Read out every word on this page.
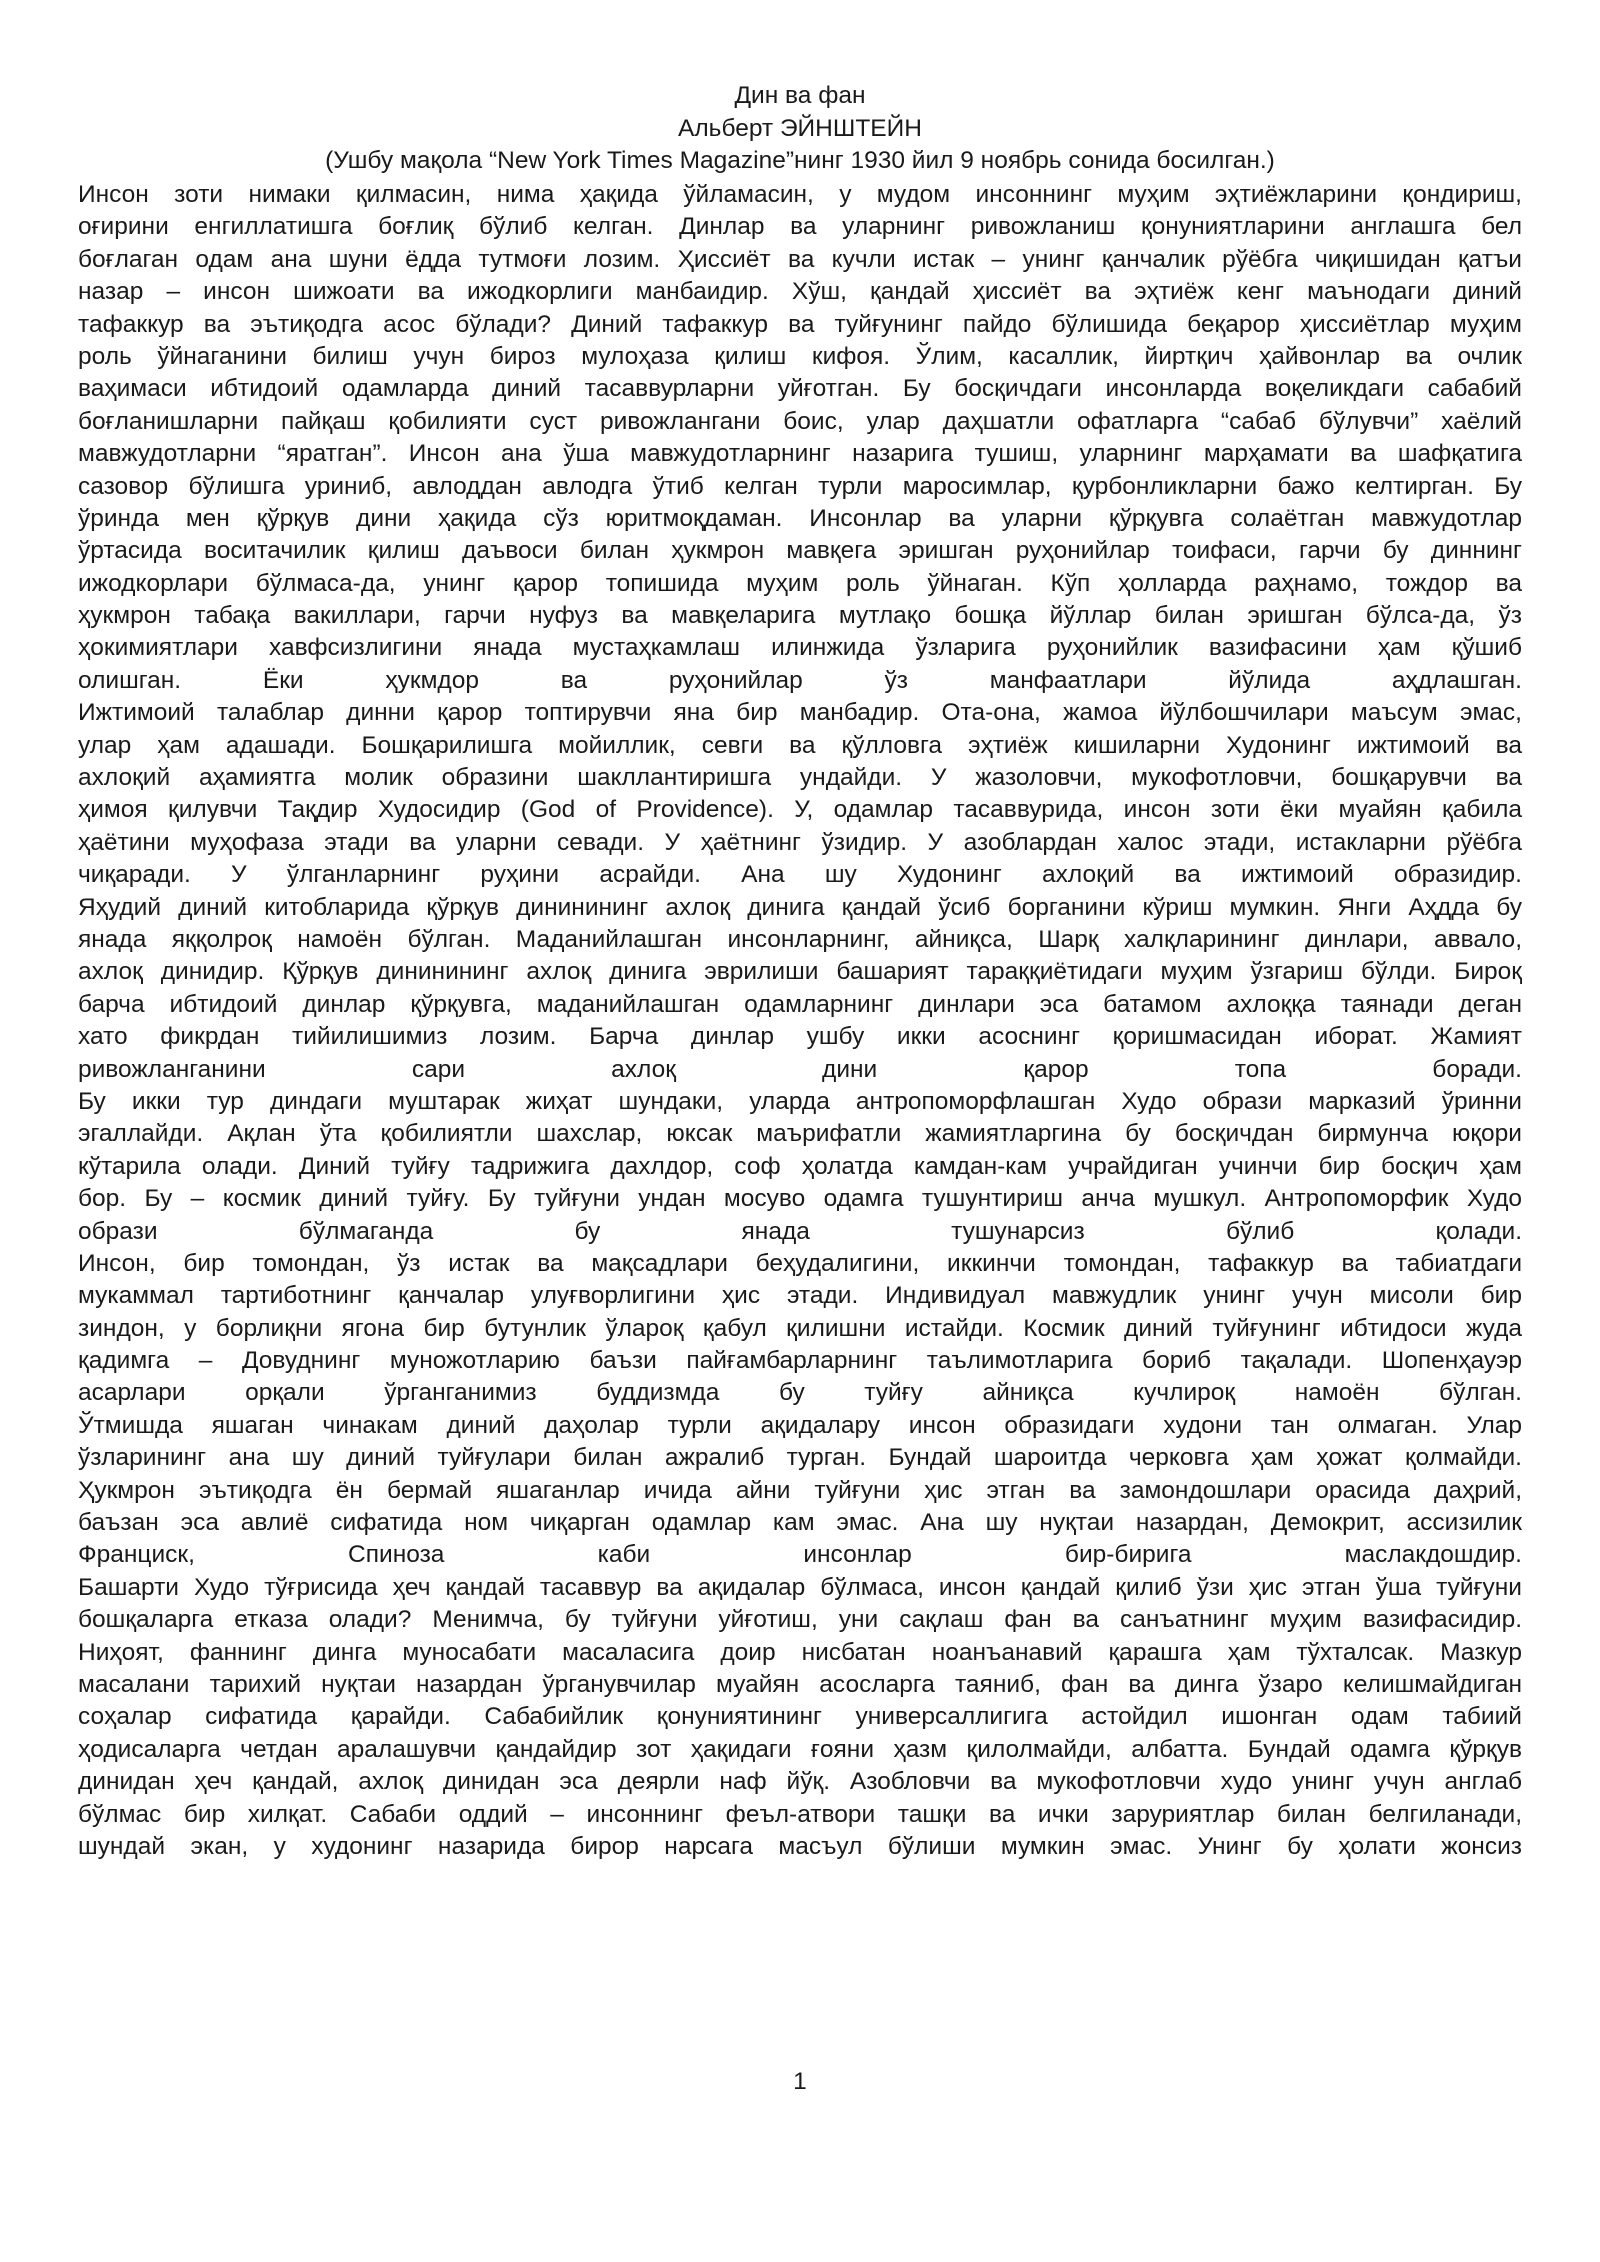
Дин ва фан
Альберт ЭЙНШТЕЙН
(Ушбу мақола “New York Times Magazine”нинг 1930 йил 9 ноябрь сонида босилган.)
Инсон зоти нимаки қилмасин, нима ҳақида ўйламасин, у мудом инсоннинг муҳим эҳтиёжларини қондириш,
оғирини енгиллатишга боғлиқ бўлиб келган. Динлар ва уларнинг ривожланиш қонуниятларини англашга бел
боғлаган одам ана шуни ёдда тутмоғи лозим. Ҳиссиёт ва кучли истак – унинг қанчалик рўёбга чиқишидан қатъи
назар – инсон шижоати ва ижодкорлиги манбаидир. Хўш, қандай ҳиссиёт ва эҳтиёж кенг маънодаги диний
тафаккур ва эътиқодга асос бўлади? Диний тафаккур ва туйғунинг пайдо бўлишида беқарор ҳиссиётлар муҳим
роль ўйнаганини билиш учун бироз мулоҳаза қилиш кифоя. Ўлим, касаллик, йиртқич ҳайвонлар ва очлик
ваҳимаси ибтидоий одамларда диний тасаввурларни уйғотган. Бу босқичдаги инсонларда воқеликдаги сабабий
боғланишларни пайқаш қобилияти суст ривожлангани боис, улар даҳшатли офатларга “сабаб бўлувчи” хаёлий
мавжудотларни “яратган”. Инсон ана ўша мавжудотларнинг назарига тушиш, уларнинг марҳамати ва шафқатига
сазовор бўлишга уриниб, авлоддан авлодга ўтиб келган турли маросимлар, қурбонликларни бажо келтирган. Бу
ўринда мен қўрқув дини ҳақида сўз юритмоқдаман. Инсонлар ва уларни қўрқувга солаётган мавжудотлар
ўртасида воситачилик қилиш даъвоси билан ҳукмрон мавқега эришган руҳонийлар тоифаси, гарчи бу диннинг
ижодкорлари бўлмаса-да, унинг қарор топишида муҳим роль ўйнаган. Кўп ҳолларда раҳнамо, тождор ва
ҳукмрон табақа вакиллари, гарчи нуфуз ва мавқеларига мутлақо бошқа йўллар билан эришган бўлса-да, ўз
ҳокимиятлари хавфсизлигини янада мустаҳкамлаш илинжида ўзларига руҳонийлик вазифасини ҳам қўшиб
олишган. Ёки ҳукмдор ва руҳонийлар ўз манфаатлари йўлида аҳдлашган.
Ижтимоий талаблар динни қарор топтирувчи яна бир манбадир. Ота-она, жамоа йўлбошчилари маъсум эмас,
улар ҳам адашади. Бошқарилишга мойиллик, севги ва қўлловга эҳтиёж кишиларни Худонинг ижтимоий ва
ахлоқий аҳамиятга молик образини шакллантиришга ундайди. У жазоловчи, мукофотловчи, бошқарувчи ва
ҳимоя қилувчи Тақдир Худосидир (God of Providence). У, одамлар тасаввурида, инсон зоти ёки муайян қабила
ҳаётини муҳофаза этади ва уларни севади. У ҳаётнинг ўзидир. У азоблардан халос этади, истакларни рўёбга
чиқаради. У ўлганларнинг руҳини асрайди. Ана шу Худонинг ахлоқий ва ижтимоий образидир.
Яҳудий диний китобларида қўрқув дининининг ахлоқ динига қандай ўсиб борганини кўриш мумкин. Янги Аҳдда бу
янада яққолроқ намоён бўлган. Маданийлашган инсонларнинг, айниқса, Шарқ халқларининг динлари, аввало,
ахлоқ динидир. Қўрқув дининининг ахлоқ динига эврилиши башарият тараққиётидаги муҳим ўзгариш бўлди. Бироқ
барча ибтидоий динлар қўрқувга, маданийлашган одамларнинг динлари эса батамом ахлоққа таянади деган
хато фикрдан тийилишимиз лозим. Барча динлар ушбу икки асоснинг қоришмасидан иборат. Жамият
ривожланганини сари ахлоқ дини қарор топа боради.
Бу икки тур диндаги муштарак жиҳат шундаки, уларда антропоморфлашган Худо образи марказий ўринни
эгаллайди. Ақлан ўта қобилиятли шахслар, юксак маърифатли жамиятларгина бу босқичдан бирмунча юқори
кўтарила олади. Диний туйғу тадрижига дахлдор, соф ҳолатда камдан-кам учрайдиган учинчи бир босқич ҳам
бор. Бу – космик диний туйғу. Бу туйғуни ундан мосуво одамга тушунтириш анча мушкул. Антропоморфик Худо
образи бўлмаганда бу янада тушунарсиз бўлиб қолади.
Инсон, бир томондан, ўз истак ва мақсадлари беҳудалигини, иккинчи томондан, тафаккур ва табиатдаги
мукаммал тартиботнинг қанчалар улуғворлигини ҳис этади. Индивидуал мавжудлик унинг учун мисоли бир
зиндон, у борлиқни ягона бир бутунлик ўлароқ қабул қилишни истайди. Космик диний туйғунинг ибтидоси жуда
қадимга – Довуднинг муножотларию баъзи пайғамбарларнинг таълимотларига бориб тақалади. Шопенҳауэр
асарлари орқали ўрганганимиз буддизмда бу туйғу айниқса кучлироқ намоён бўлган.
Ўтмишда яшаган чинакам диний даҳолар турли ақидалару инсон образидаги худони тан олмаган. Улар
ўзларининг ана шу диний туйғулари билан ажралиб турган. Бундай шароитда черковга ҳам ҳожат қолмайди.
Ҳукмрон эътиқодга ён бермай яшаганлар ичида айни туйғуни ҳис этган ва замондошлари орасида даҳрий,
баъзан эса авлиё сифатида ном чиқарган одамлар кам эмас. Ана шу нуқтаи назардан, Демокрит, ассизилик
Франциск, Спиноза каби инсонлар бир-бирига маслакдошдир.
Башарти Худо тўғрисида ҳеч қандай тасаввур ва ақидалар бўлмаса, инсон қандай қилиб ўзи ҳис этган ўша туйғуни
бошқаларга етказа олади? Менимча, бу туйғуни уйғотиш, уни сақлаш фан ва санъатнинг муҳим вазифасидир.
Ниҳоят, фаннинг динга муносабати масаласига доир нисбатан ноанъанавий қарашга ҳам тўхталсак. Мазкур
масалани тарихий нуқтаи назардан ўрганувчилар муайян асосларга таяниб, фан ва динга ўзаро келишмайдиган
соҳалар сифатида қарайди. Сабабийлик қонуниятининг универсаллигига астойдил ишонган одам табиий
ҳодисаларга четдан аралашувчи қандайдир зот ҳақидаги ғояни ҳазм қилолмайди, албатта. Бундай одамга қўрқув
динидан ҳеч қандай, ахлоқ динидан эса деярли наф йўқ. Азобловчи ва мукофотловчи худо унинг учун англаб
бўлмас бир хилқат. Сабаби оддий – инсоннинг феъл-атвори ташқи ва ички заруриятлар билан белгиланади,
шундай экан, у худонинг назарида бирор нарсага масъул бўлиши мумкин эмас. Унинг бу ҳолати жонсиз
1
